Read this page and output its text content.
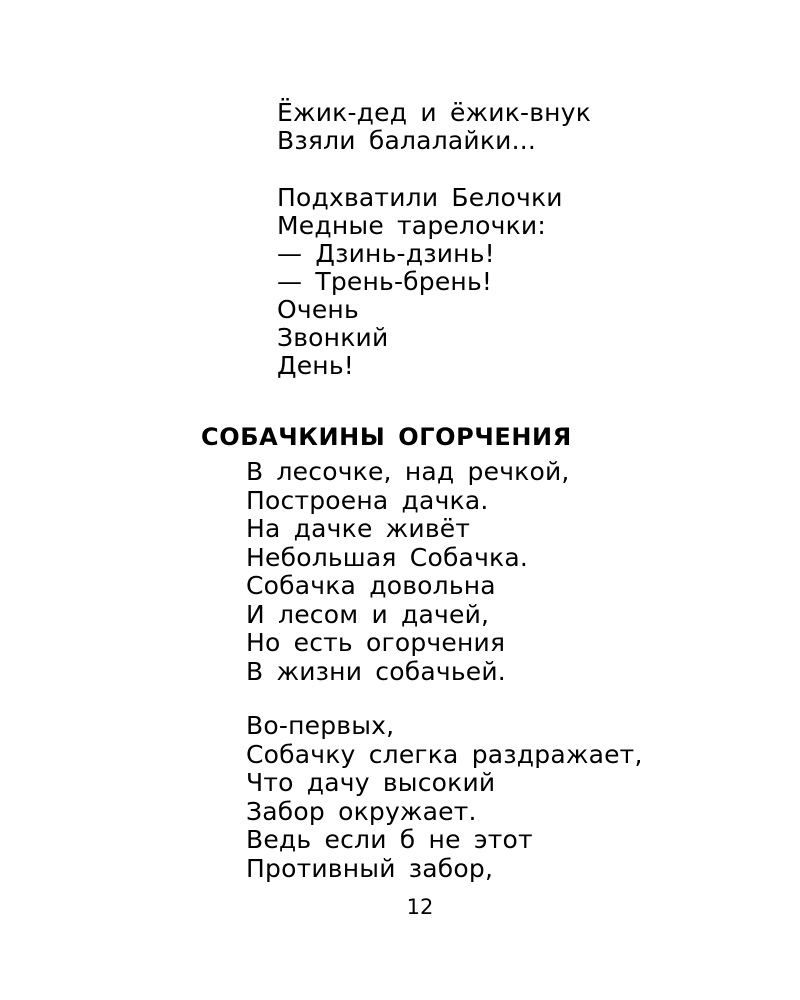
Ёжик-дед и ёжик-внук
Взяли балалайки...
Подхватили Белочки
Медные тарелочки:
— Дзинь-дзинь!
— Трень-брень!
Очень
Звонкий
День!
СОБАЧКИНЫ ОГОРЧЕНИЯ
В лесочке, над речкой,
Построена дачка.
На дачке живёт
Небольшая Собачка.
Собачка довольна
И лесом и дачей,
Но есть огорчения
В жизни собачьей.
Во-первых,
Собачку слегка раздражает,
Что дачу высокий
Забор окружает.
Ведь если б не этот
Противный забор,

12
